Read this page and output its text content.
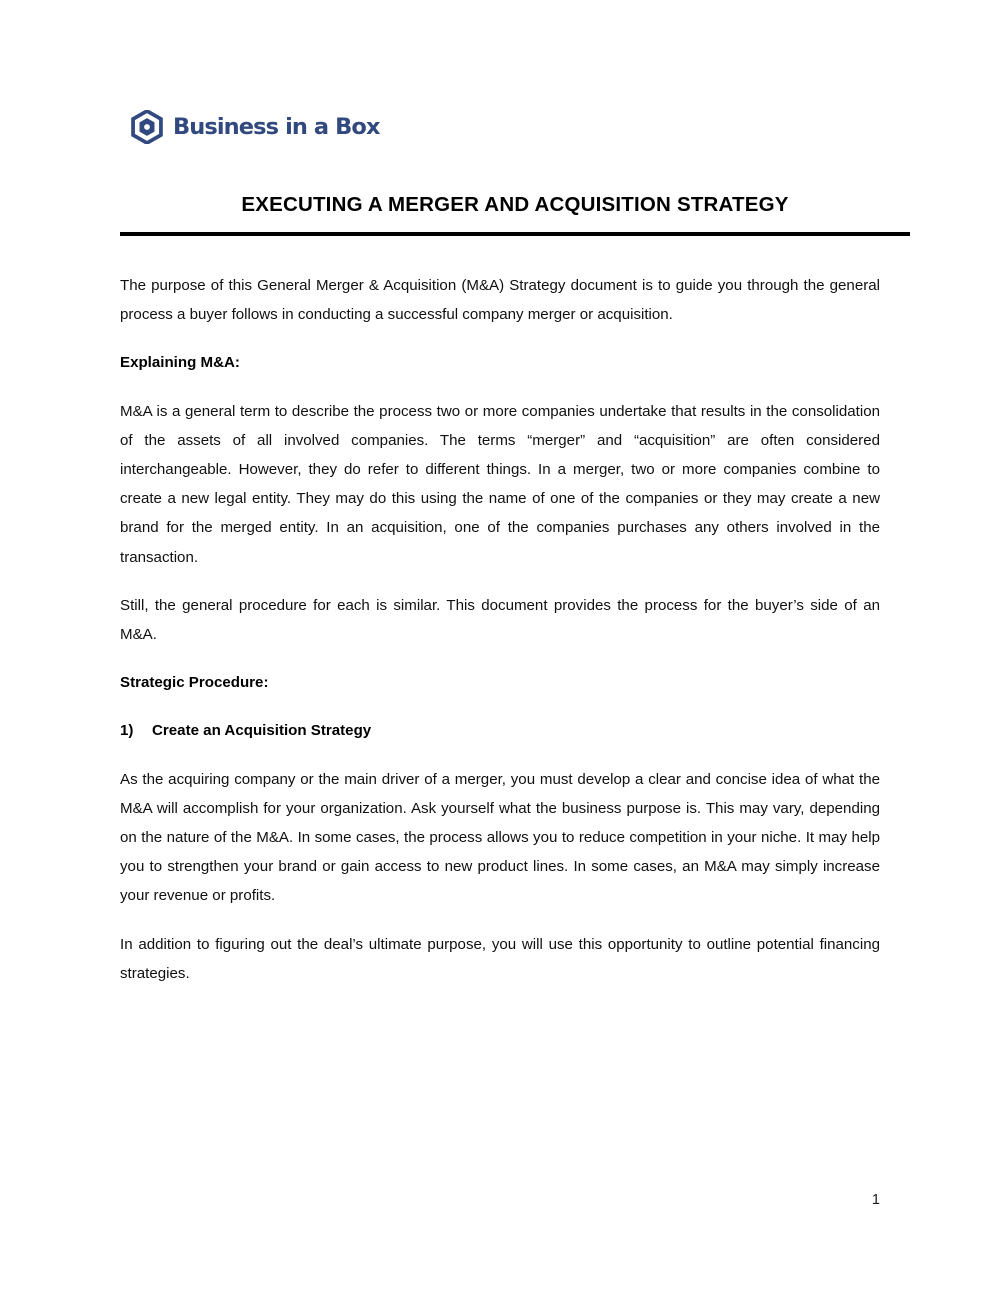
Business in a Box
EXECUTING A MERGER AND ACQUISITION STRATEGY

The purpose of this General Merger & Acquisition (M&A) Strategy document is to guide you through the general process a buyer follows in conducting a successful company merger or acquisition.

Explaining M&A:

M&A is a general term to describe the process two or more companies undertake that results in the consolidation of the assets of all involved companies. The terms “merger” and “acquisition” are often considered interchangeable. However, they do refer to different things. In a merger, two or more companies combine to create a new legal entity. They may do this using the name of one of the companies or they may create a new brand for the merged entity. In an acquisition, one of the companies purchases any others involved in the transaction.

Still, the general procedure for each is similar. This document provides the process for the buyer’s side of an M&A.

Strategic Procedure:
1)	Create an Acquisition Strategy

As the acquiring company or the main driver of a merger, you must develop a clear and concise idea of what the M&A will accomplish for your organization. Ask yourself what the business purpose is. This may vary, depending on the nature of the M&A. In some cases, the process allows you to reduce competition in your niche. It may help you to strengthen your brand or gain access to new product lines. In some cases, an M&A may simply increase your revenue or profits.

In addition to figuring out the deal’s ultimate purpose, you will use this opportunity to outline potential financing strategies.

1
